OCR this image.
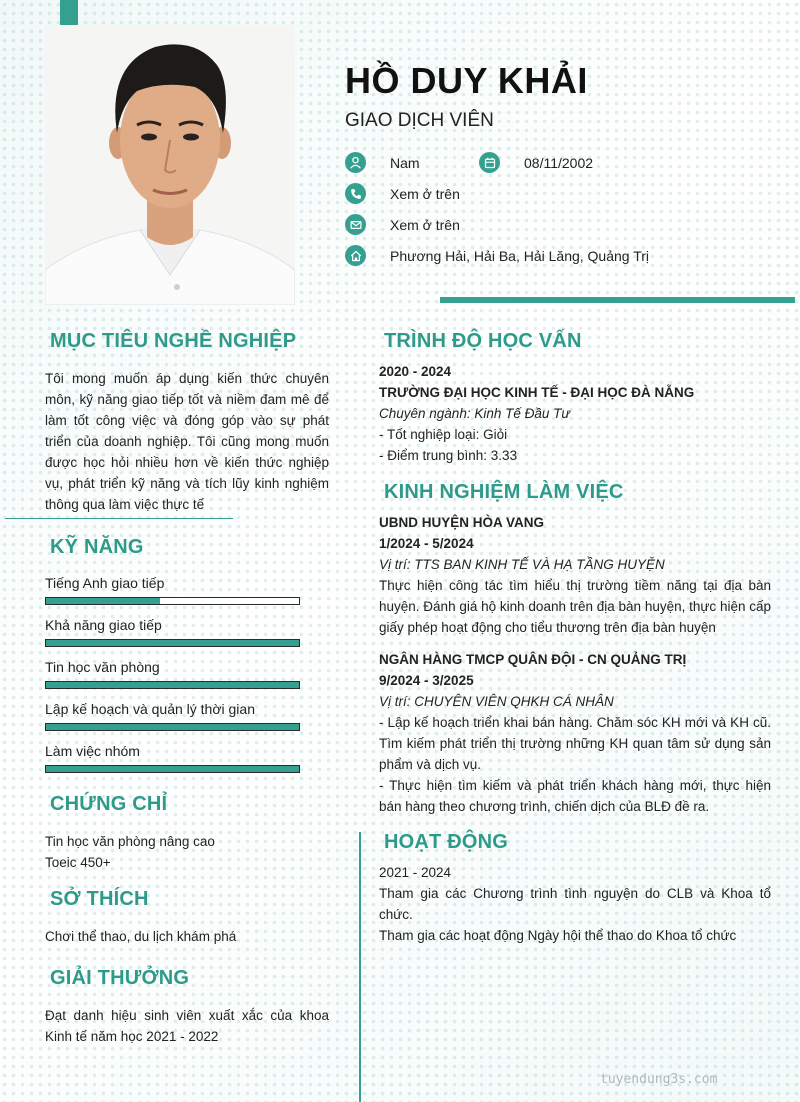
HỒ DUY KHẢI
GIAO DỊCH VIÊN
Nam	08/11/2002
Xem ở trên
Xem ở trên
Phương Hải, Hải Ba, Hải Lăng, Quảng Trị
MỤC TIÊU NGHỀ NGHIỆP

Tôi mong muốn áp dụng kiến thức chuyên môn, kỹ năng giao tiếp tốt và niềm đam mê để làm tốt công việc và đóng góp vào sự phát triển của doanh nghiệp. Tôi cũng mong muốn được học hỏi nhiều hơn về kiến thức nghiệp vụ, phát triển kỹ năng và tích lũy kinh nghiệm thông qua làm việc thực tế

KỸ NĂNG
Tiếng Anh giao tiếp
Khả năng giao tiếp
Tin học văn phòng
Lập kế hoạch và quản lý thời gian
Làm việc nhóm
CHỨNG CHỈ
Tin học văn phòng nâng cao
Toeic 450+
SỞ THÍCH
Chơi thể thao, du lịch khám phá
GIẢI THƯỞNG

Đạt danh hiệu sinh viên xuất xắc của khoa Kinh tế năm học 2021 - 2022

TRÌNH ĐỘ HỌC VẤN
2020 - 2024
TRƯỜNG ĐẠI HỌC KINH TẾ - ĐẠI HỌC ĐÀ NẴNG
Chuyên ngành: Kinh Tế Đầu Tư
- Tốt nghiệp loại: Giỏi
- Điểm trung bình: 3.33
KINH NGHIỆM LÀM VIỆC
UBND HUYỆN HÒA VANG
1/2024 - 5/2024
Vị trí: TTS BAN KINH TẾ VÀ HẠ TẦNG HUYỆN

Thực hiện công tác tìm hiểu thị trường tiềm năng tại địa bàn huyện. Đánh giá hộ kinh doanh trên địa bàn huyện, thực hiện cấp giấy phép hoạt động cho tiểu thương trên địa bàn huyện

NGÂN HÀNG TMCP QUÂN ĐỘI - CN QUẢNG TRỊ
9/2024 - 3/2025
Vị trí: CHUYÊN VIÊN QHKH CÁ NHÂN

- Lập kế hoạch triển khai bán hàng. Chăm sóc KH mới và KH cũ. Tìm kiếm phát triển thị trường những KH quan tâm sử dụng sản phẩm và dịch vụ.

- Thực hiện tìm kiếm và phát triển khách hàng mới, thực hiện bán hàng theo chương trình, chiến dịch của BLĐ đề ra.

HOẠT ĐỘNG
2021 - 2024

Tham gia các Chương trình tình nguyện do CLB và Khoa tổ chức.

Tham gia các hoạt động Ngày hội thể thao do Khoa tổ chức

tuyendung3s.com
